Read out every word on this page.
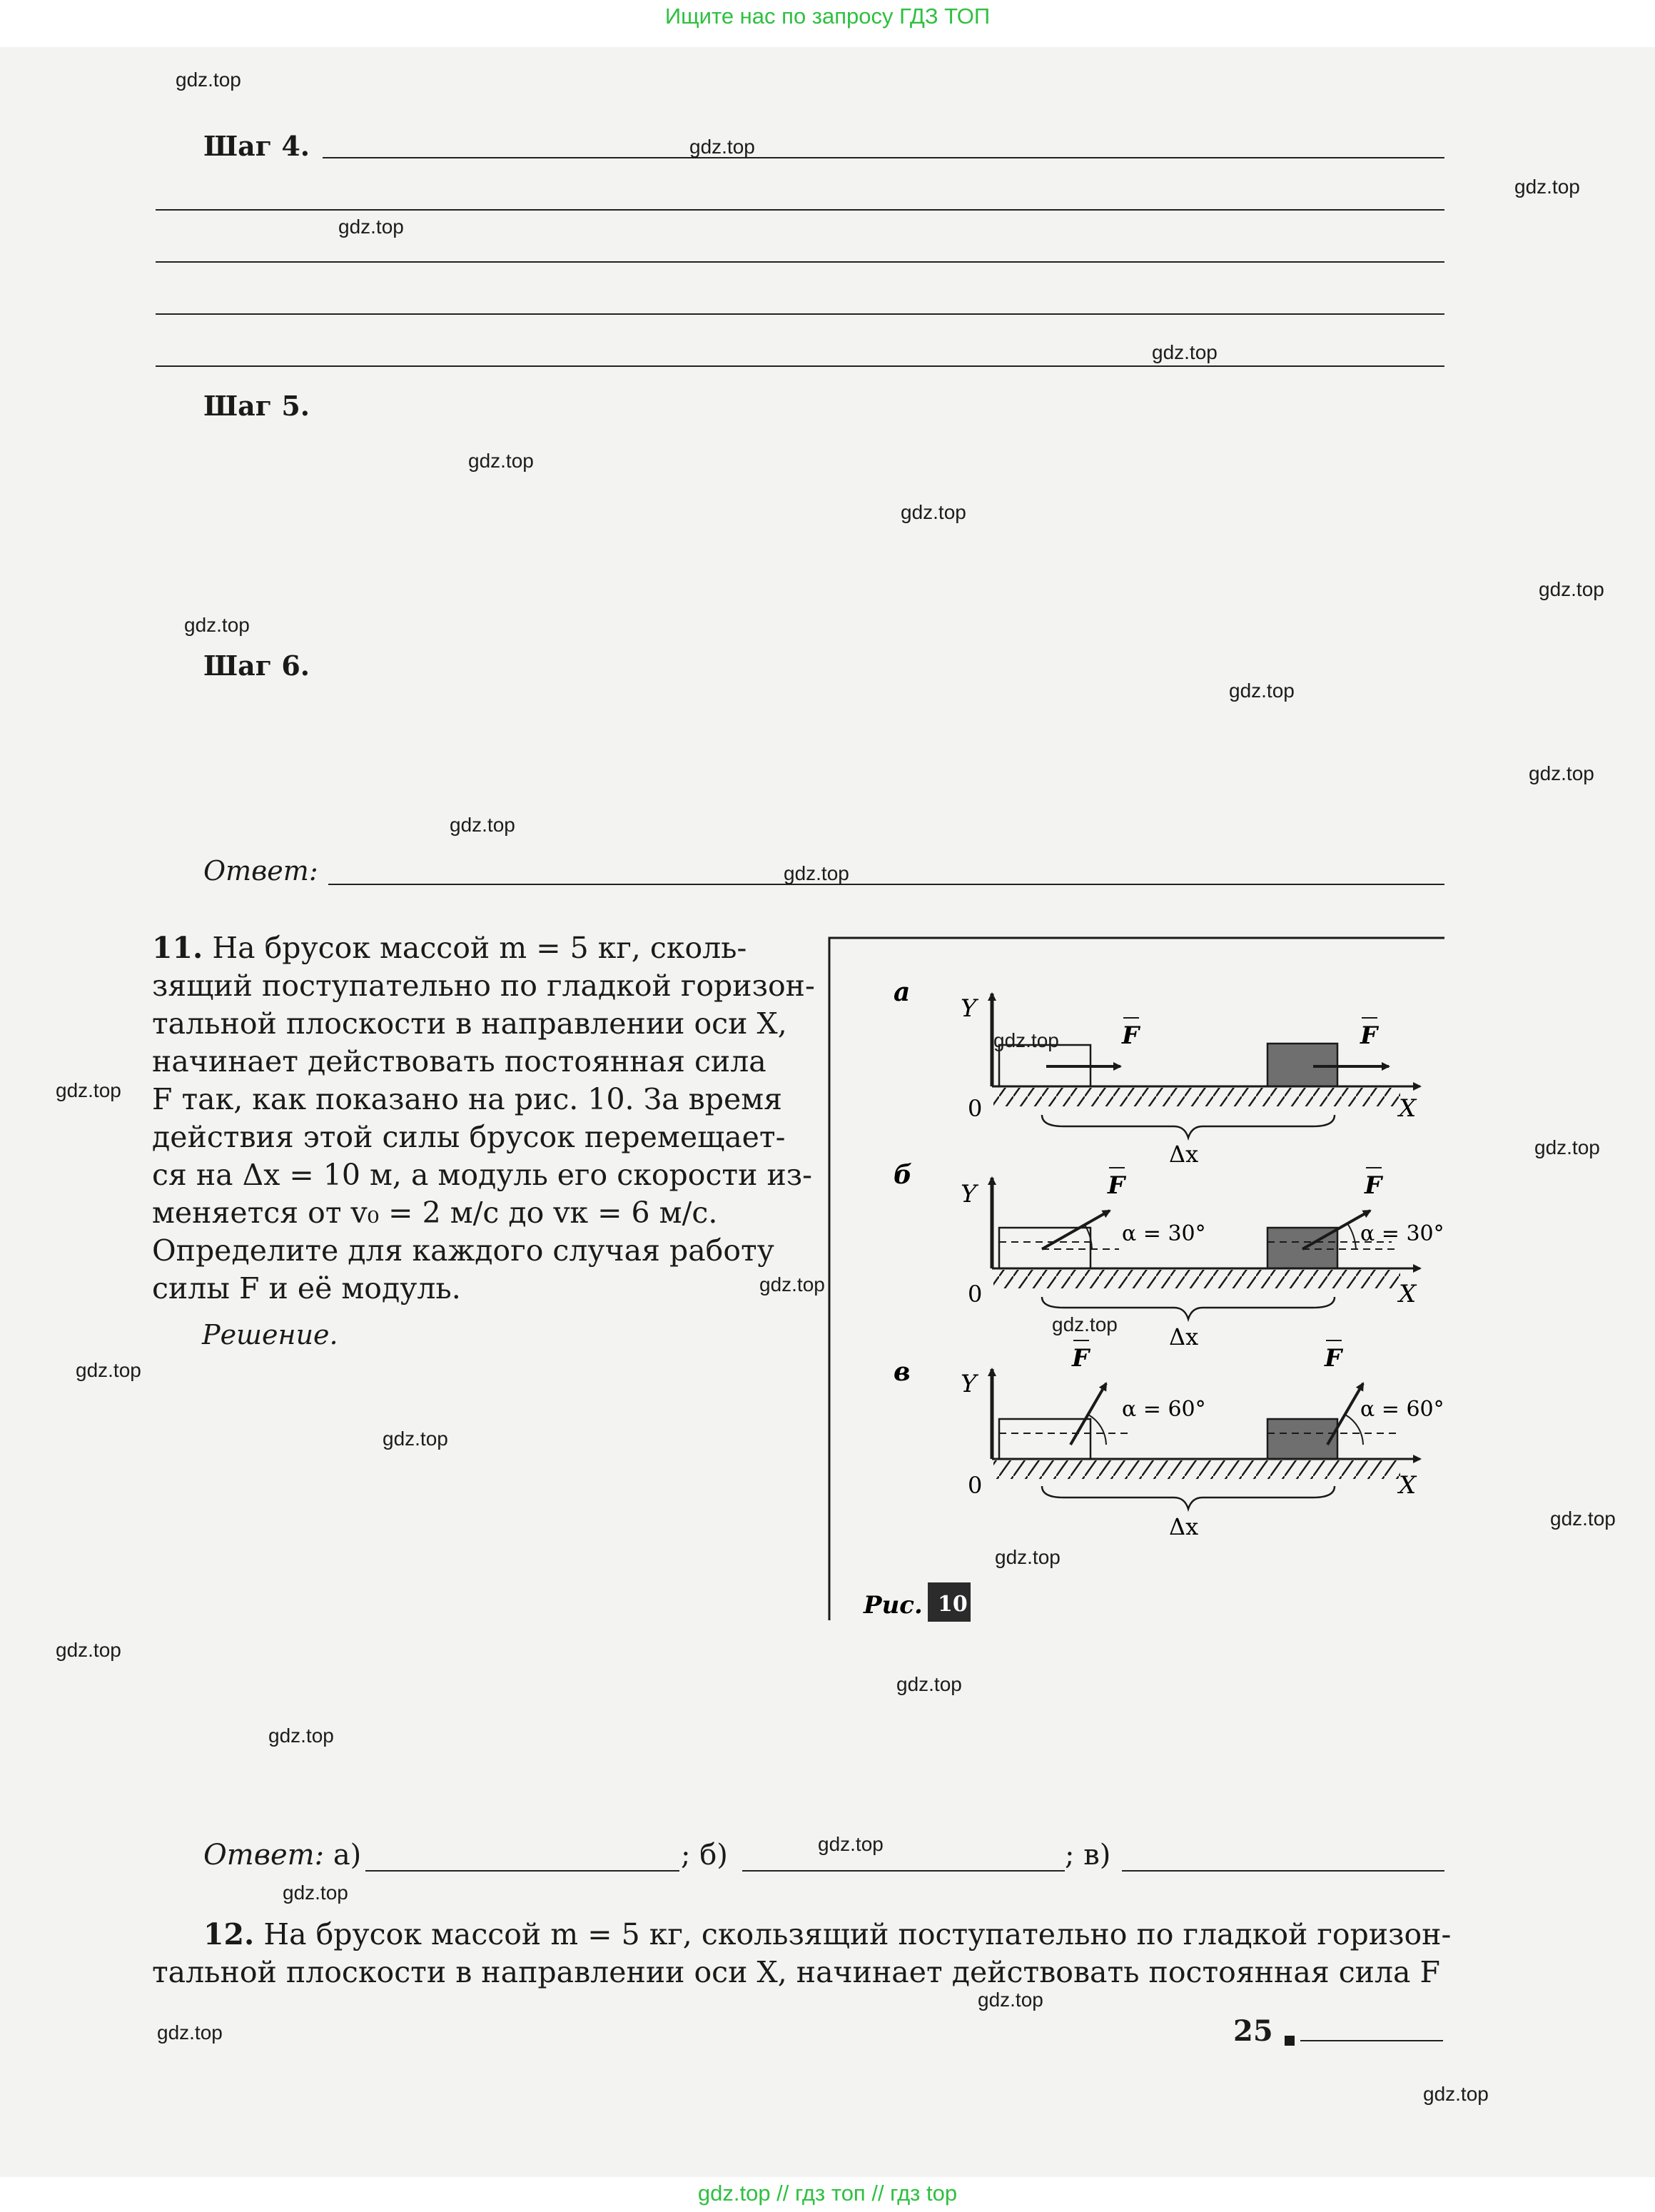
Ищите нас по запросу ГДЗ ТОП
Шаг 4.
Шаг 5.
Шаг 6.
Ответ:
11. На брусок массой m = 5 кг, сколь-
зящий поступательно по гладкой горизон-
тальной плоскости в направлении оси X,
начинает действовать постоянная сила
F так, как показано на рис. 10. За время
действия этой силы брусок перемещает-
ся на Δx = 10 м, а модуль его скорости из-
меняется от v₀ = 2 м/с до vк = 6 м/с.
Определите для каждого случая работу
силы F и её модуль.
Решение.
а
Y
F	F
X
0
Δx
б
Y	F
α = 30°
F
α = 30°
X
0
Δx
в Y
F
α = 60°
F
α = 60°
X
0
Δx
Рис. 10
Ответ: а)	; б)	; в)
12. На брусок массой m = 5 кг, скользящий поступательно по гладкой горизон-
тальной плоскости в направлении оси X, начинает действовать постоянная сила F
25
gdz.top
gdz.top
gdz.top
gdz.top
gdz.top
gdz.top
gdz.top
gdz.top
gdz.top
gdz.top
gdz.top
gdz.top
gdz.top
gdz.top
gdz.top
gdz.top
gdz.top
gdz.top
gdz.top
gdz.top
gdz.top
gdz.top
gdz.top
gdz.top
gdz.top
gdz.top
gdz.top
gdz.top
gdz.top
gdz.top
gdz.top // гдз топ // гдз top
